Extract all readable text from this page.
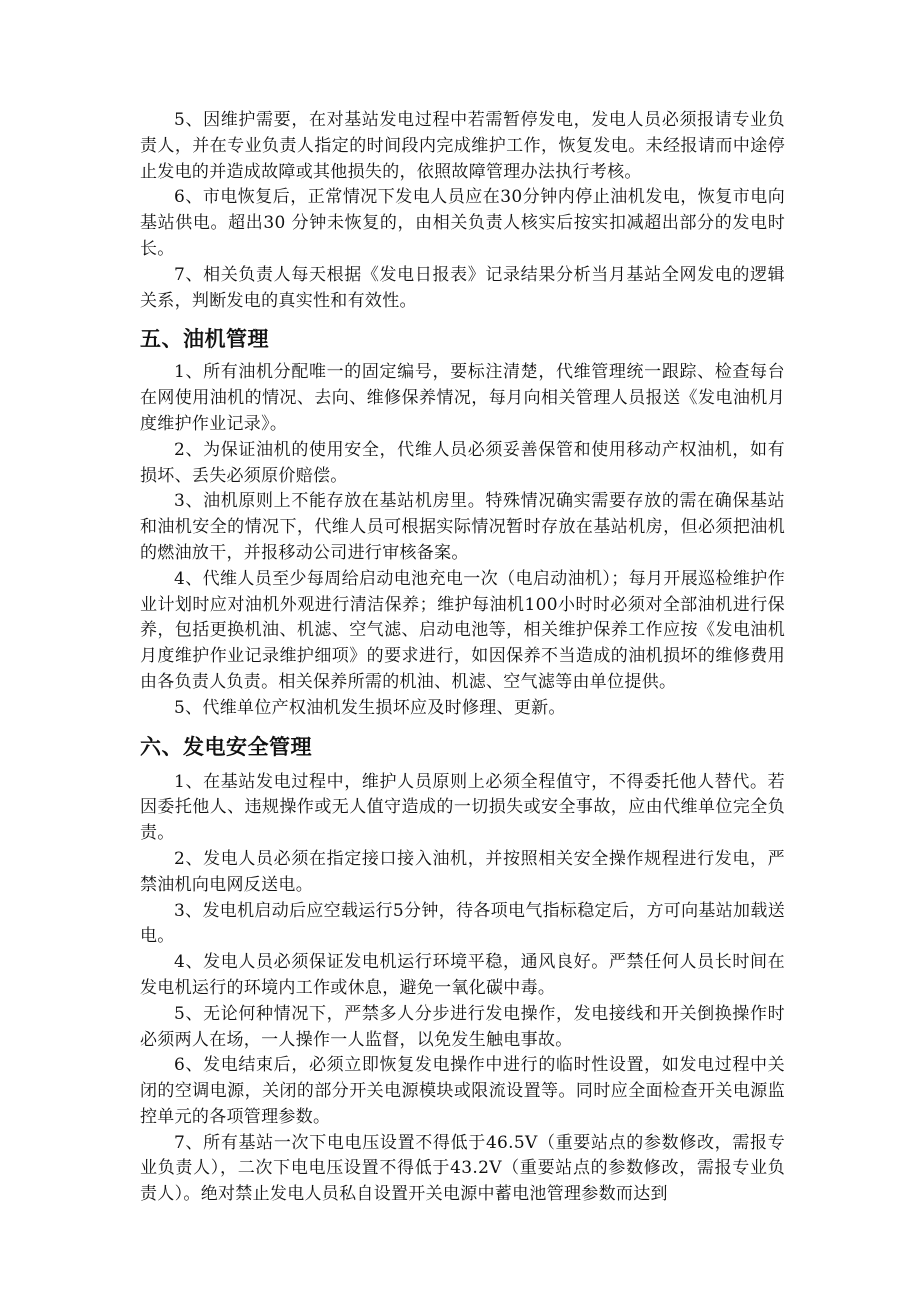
5、因维护需要，在对基站发电过程中若需暂停发电，发电人员必须报请专业负责人，并在专业负责人指定的时间段内完成维护工作，恢复发电。未经报请而中途停止发电的并造成故障或其他损失的，依照故障管理办法执行考核。

6、市电恢复后，正常情况下发电人员应在30分钟内停止油机发电，恢复市电向基站供电。超出30 分钟未恢复的，由相关负责人核实后按实扣减超出部分的发电时长。

7、相关负责人每天根据《发电日报表》记录结果分析当月基站全网发电的逻辑关系，判断发电的真实性和有效性。

五、油机管理

1、所有油机分配唯一的固定编号，要标注清楚，代维管理统一跟踪、检查每台在网使用油机的情况、去向、维修保养情况，每月向相关管理人员报送《发电油机月度维护作业记录》。

2、为保证油机的使用安全，代维人员必须妥善保管和使用移动产权油机，如有损坏、丢失必须原价赔偿。

3、油机原则上不能存放在基站机房里。特殊情况确实需要存放的需在确保基站和油机安全的情况下，代维人员可根据实际情况暂时存放在基站机房，但必须把油机的燃油放干，并报移动公司进行审核备案。

4、代维人员至少每周给启动电池充电一次（电启动油机）；每月开展巡检维护作业计划时应对油机外观进行清洁保养；维护每油机100小时时必须对全部油机进行保养，包括更换机油、机滤、空气滤、启动电池等，相关维护保养工作应按《发电油机月度维护作业记录维护细项》的要求进行，如因保养不当造成的油机损坏的维修费用由各负责人负责。相关保养所需的机油、机滤、空气滤等由单位提供。

5、代维单位产权油机发生损坏应及时修理、更新。

六、发电安全管理

1、在基站发电过程中，维护人员原则上必须全程值守，不得委托他人替代。若因委托他人、违规操作或无人值守造成的一切损失或安全事故，应由代维单位完全负责。

2、发电人员必须在指定接口接入油机，并按照相关安全操作规程进行发电，严禁油机向电网反送电。

3、发电机启动后应空载运行5分钟，待各项电气指标稳定后，方可向基站加载送电。

4、发电人员必须保证发电机运行环境平稳，通风良好。严禁任何人员长时间在发电机运行的环境内工作或休息，避免一氧化碳中毒。

5、无论何种情况下，严禁多人分步进行发电操作，发电接线和开关倒换操作时必须两人在场，一人操作一人监督，以免发生触电事故。

6、发电结束后，必须立即恢复发电操作中进行的临时性设置，如发电过程中关闭的空调电源，关闭的部分开关电源模块或限流设置等。同时应全面检查开关电源监控单元的各项管理参数。

7、所有基站一次下电电压设置不得低于46.5V（重要站点的参数修改，需报专业负责人），二次下电电压设置不得低于43.2V（重要站点的参数修改，需报专业负责人）。绝对禁止发电人员私自设置开关电源中蓄电池管理参数而达到
